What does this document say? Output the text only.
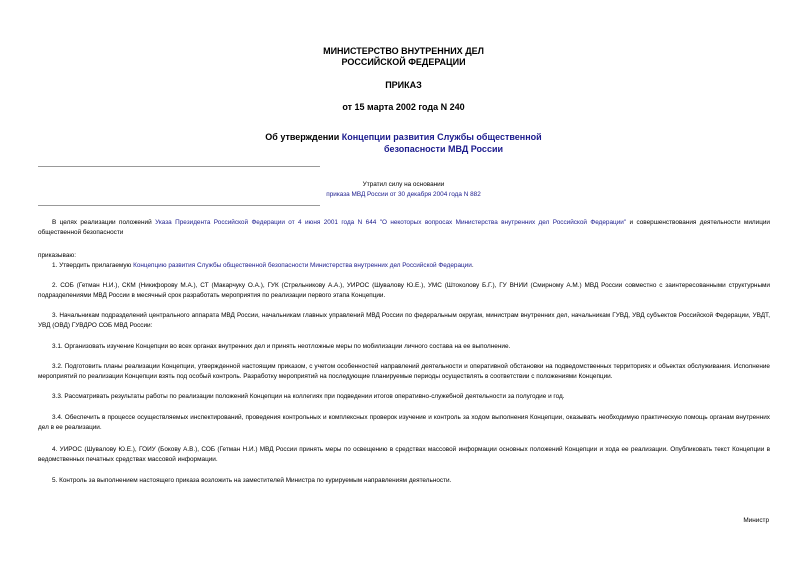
МИНИСТЕРСТВО ВНУТРЕННИХ ДЕЛ
РОССИЙСКОЙ ФЕДЕРАЦИИ
ПРИКАЗ
от 15 марта 2002 года N 240
Об утверждении Концепции развития Службы общественной
безопасности МВД России
Утратил силу на основании
приказа МВД России от 30 декабря 2004 года N 882

В целях реализации положений Указа Президента Российской Федерации от 4 июня 2001 года N 644 "О некоторых вопросах Министерства внутренних дел Российской Федерации" и совершенствования деятельности милиции общественной безопасности

приказываю:

1. Утвердить прилагаемую Концепцию развития Службы общественной безопасности Министерства внутренних дел Российской Федерации.

2. СОБ (Гетман Н.И.), СКМ (Никифорову М.А.), СТ (Макарчуку О.А.), ГУК (Стрельникову А.А.), УИРОС (Шувалову Ю.Е.), УМС (Штоколову Б.Г.), ГУ ВНИИ (Смирному А.М.) МВД России совместно с заинтересованными структурными подразделениями МВД России в месячный срок разработать мероприятия по реализации первого этапа Концепции.

3. Начальникам подразделений центрального аппарата МВД России, начальникам главных управлений МВД России по федеральным округам, министрам внутренних дел, начальникам ГУВД, УВД субъектов Российской Федерации, УВДТ, УВД (ОВД) ГУВДРО СОБ МВД России:

3.1. Организовать изучение Концепции во всех органах внутренних дел и принять неотложные меры по мобилизации личного состава на ее выполнение.

3.2. Подготовить планы реализации Концепции, утвержденной настоящим приказом, с учетом особенностей направлений деятельности и оперативной обстановки на подведомственных территориях и объектах обслуживания. Исполнение мероприятий по реализации Концепции взять под особый контроль. Разработку мероприятий на последующие планируемые периоды осуществлять в соответствии с положениями Концепции.

3.3. Рассматривать результаты работы по реализации положений Концепции на коллегиях при подведении итогов оперативно-служебной деятельности за полугодие и год.

3.4. Обеспечить в процессе осуществляемых инспектирований, проведения контрольных и комплексных проверок изучение и контроль за ходом выполнения Концепции, оказывать необходимую практическую помощь органам внутренних дел в ее реализации.

4. УИРОС (Шувалову Ю.Е.), ГОИУ (Бокову А.В.), СОБ (Гетман Н.И.) МВД России принять меры по освещению в средствах массовой информации основных положений Концепции и хода ее реализации. Опубликовать текст Концепции в ведомственных печатных средствах массовой информации.

5. Контроль за выполнением настоящего приказа возложить на заместителей Министра по курируемым направлениям деятельности.

Министр
